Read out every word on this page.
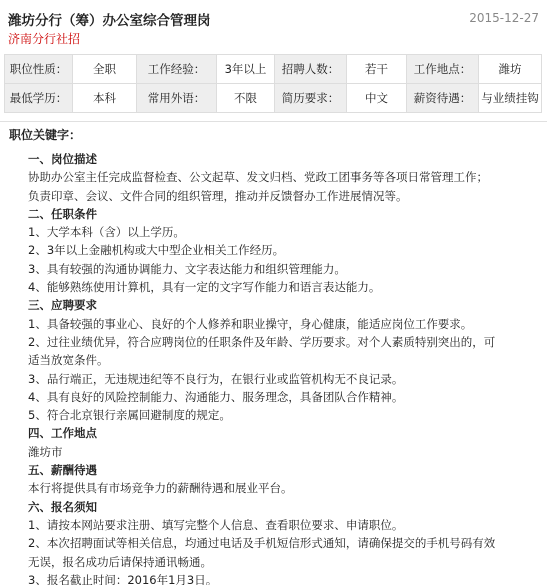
潍坊分行（筹）办公室综合管理岗	2015-12-27
济南分行社招
职位性质：	全职	工作经验：	3年以上	招聘人数：	若干	工作地点：	潍坊
最低学历：	本科	常用外语：	不限	简历要求：	中文	薪资待遇：	与业绩挂钩
职位关键字：
一、岗位描述
协助办公室主任完成监督检查、公文起草、发文归档、党政工团事务等各项日常管理工作；
负责印章、会议、文件合同的组织管理，推动并反馈督办工作进展情况等。
二、任职条件
1、大学本科（含）以上学历。
2、3年以上金融机构或大中型企业相关工作经历。
3、具有较强的沟通协调能力、文字表达能力和组织管理能力。
4、能够熟练使用计算机，具有一定的文字写作能力和语言表达能力。
三、应聘要求
1、具备较强的事业心、良好的个人修养和职业操守，身心健康，能适应岗位工作要求。
2、过往业绩优异，符合应聘岗位的任职条件及年龄、学历要求。对个人素质特别突出的，可
适当放宽条件。
3、品行端正，无违规违纪等不良行为，在银行业或监管机构无不良记录。
4、具有良好的风险控制能力、沟通能力、服务理念，具备团队合作精神。
5、符合北京银行亲属回避制度的规定。
四、工作地点
潍坊市
五、薪酬待遇
本行将提供具有市场竞争力的薪酬待遇和展业平台。
六、报名须知
1、请按本网站要求注册、填写完整个人信息、查看职位要求、申请职位。
2、本次招聘面试等相关信息，均通过电话及手机短信形式通知，请确保提交的手机号码有效
无误，报名成功后请保持通讯畅通。
3、报名截止时间：2016年1月3日。
